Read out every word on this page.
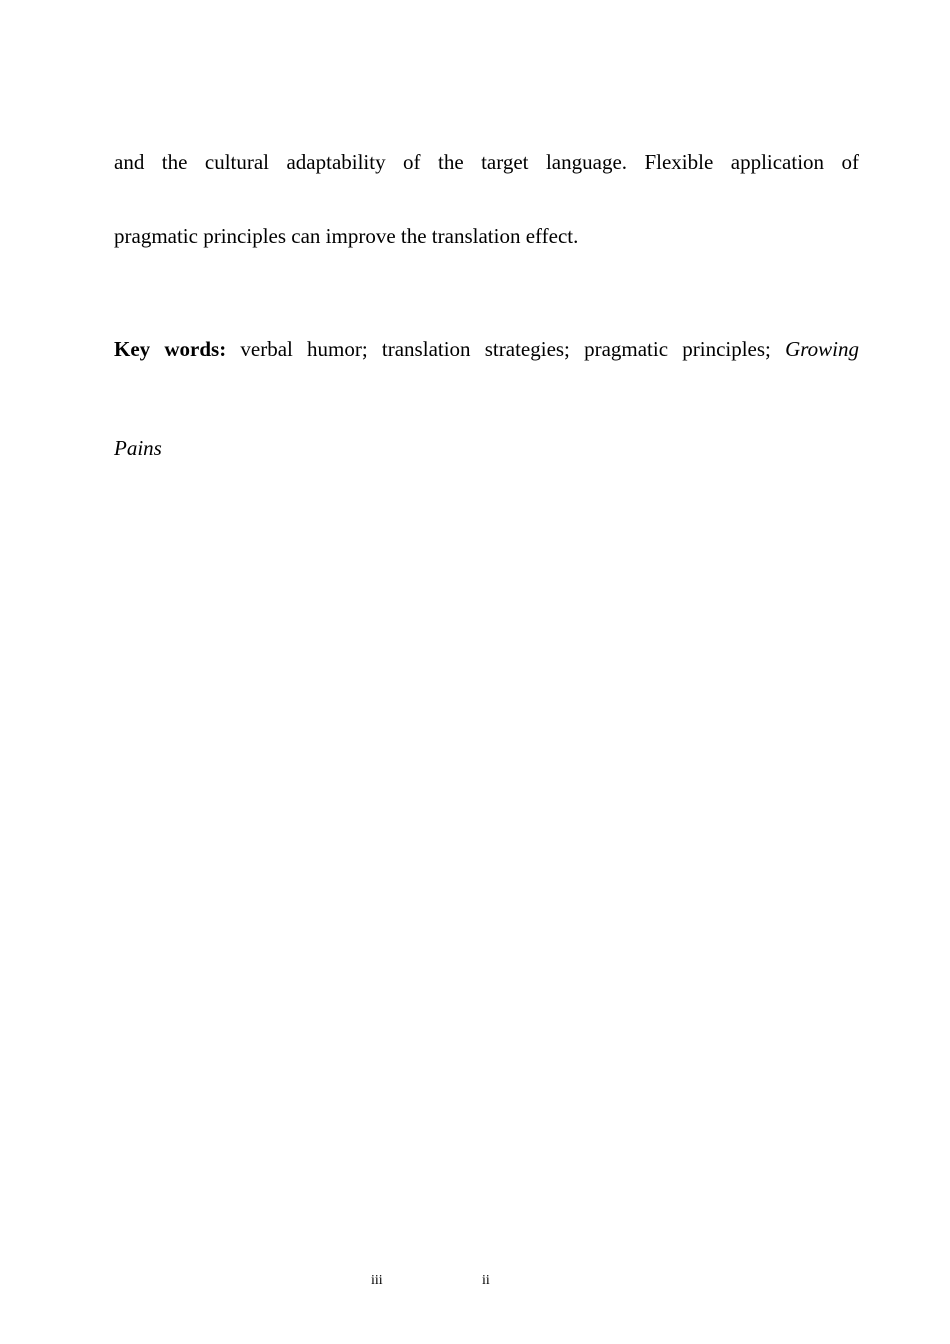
and the cultural adaptability of the target language. Flexible application of
pragmatic principles can improve the translation effect.
Key words: verbal humor; translation strategies; pragmatic principles; Growing
Pains
iii	ii
